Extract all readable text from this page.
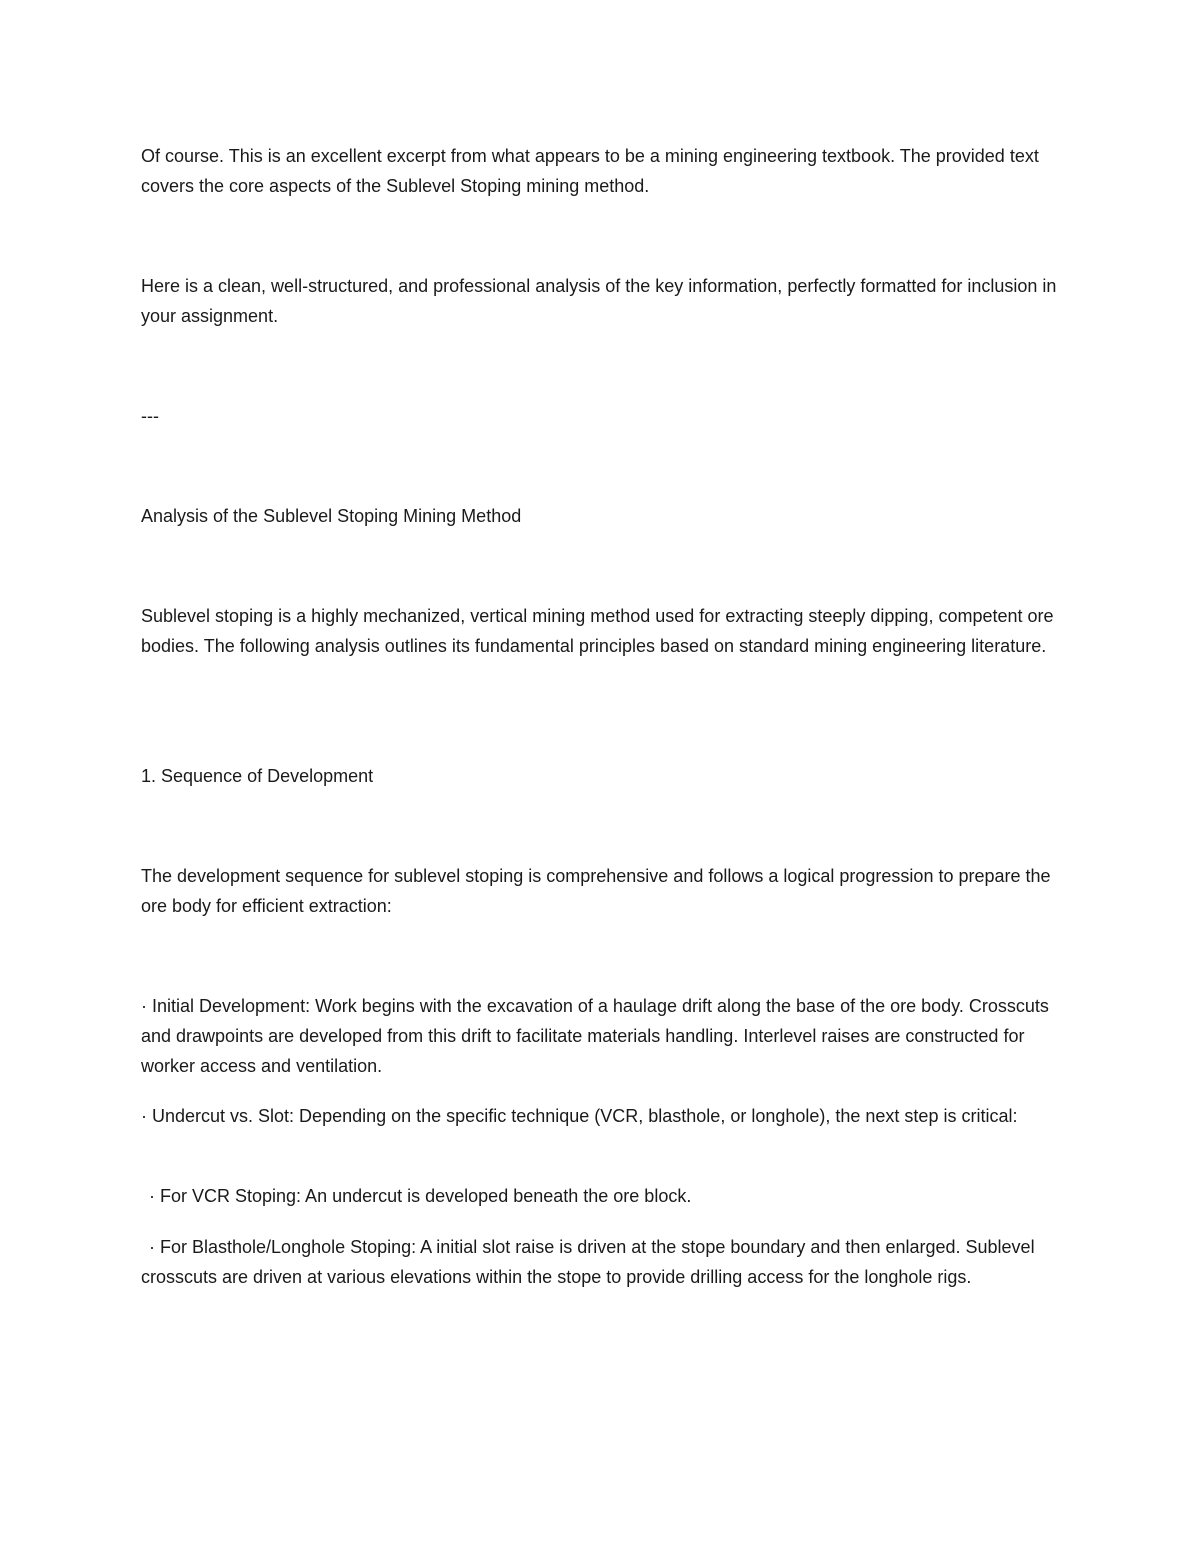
Of course. This is an excellent excerpt from what appears to be a mining engineering textbook. The provided text covers the core aspects of the Sublevel Stoping mining method.

Here is a clean, well-structured, and professional analysis of the key information, perfectly formatted for inclusion in your assignment.

---

Analysis of the Sublevel Stoping Mining Method

Sublevel stoping is a highly mechanized, vertical mining method used for extracting steeply dipping, competent ore bodies. The following analysis outlines its fundamental principles based on standard mining engineering literature.

1. Sequence of Development

The development sequence for sublevel stoping is comprehensive and follows a logical progression to prepare the ore body for efficient extraction:

· Initial Development: Work begins with the excavation of a haulage drift along the base of the ore body. Crosscuts and drawpoints are developed from this drift to facilitate materials handling. Interlevel raises are constructed for worker access and ventilation.

· Undercut vs. Slot: Depending on the specific technique (VCR, blasthole, or longhole), the next step is critical:

· For VCR Stoping: An undercut is developed beneath the ore block.

· For Blasthole/Longhole Stoping: A initial slot raise is driven at the stope boundary and then enlarged. Sublevel crosscuts are driven at various elevations within the stope to provide drilling access for the longhole rigs.
